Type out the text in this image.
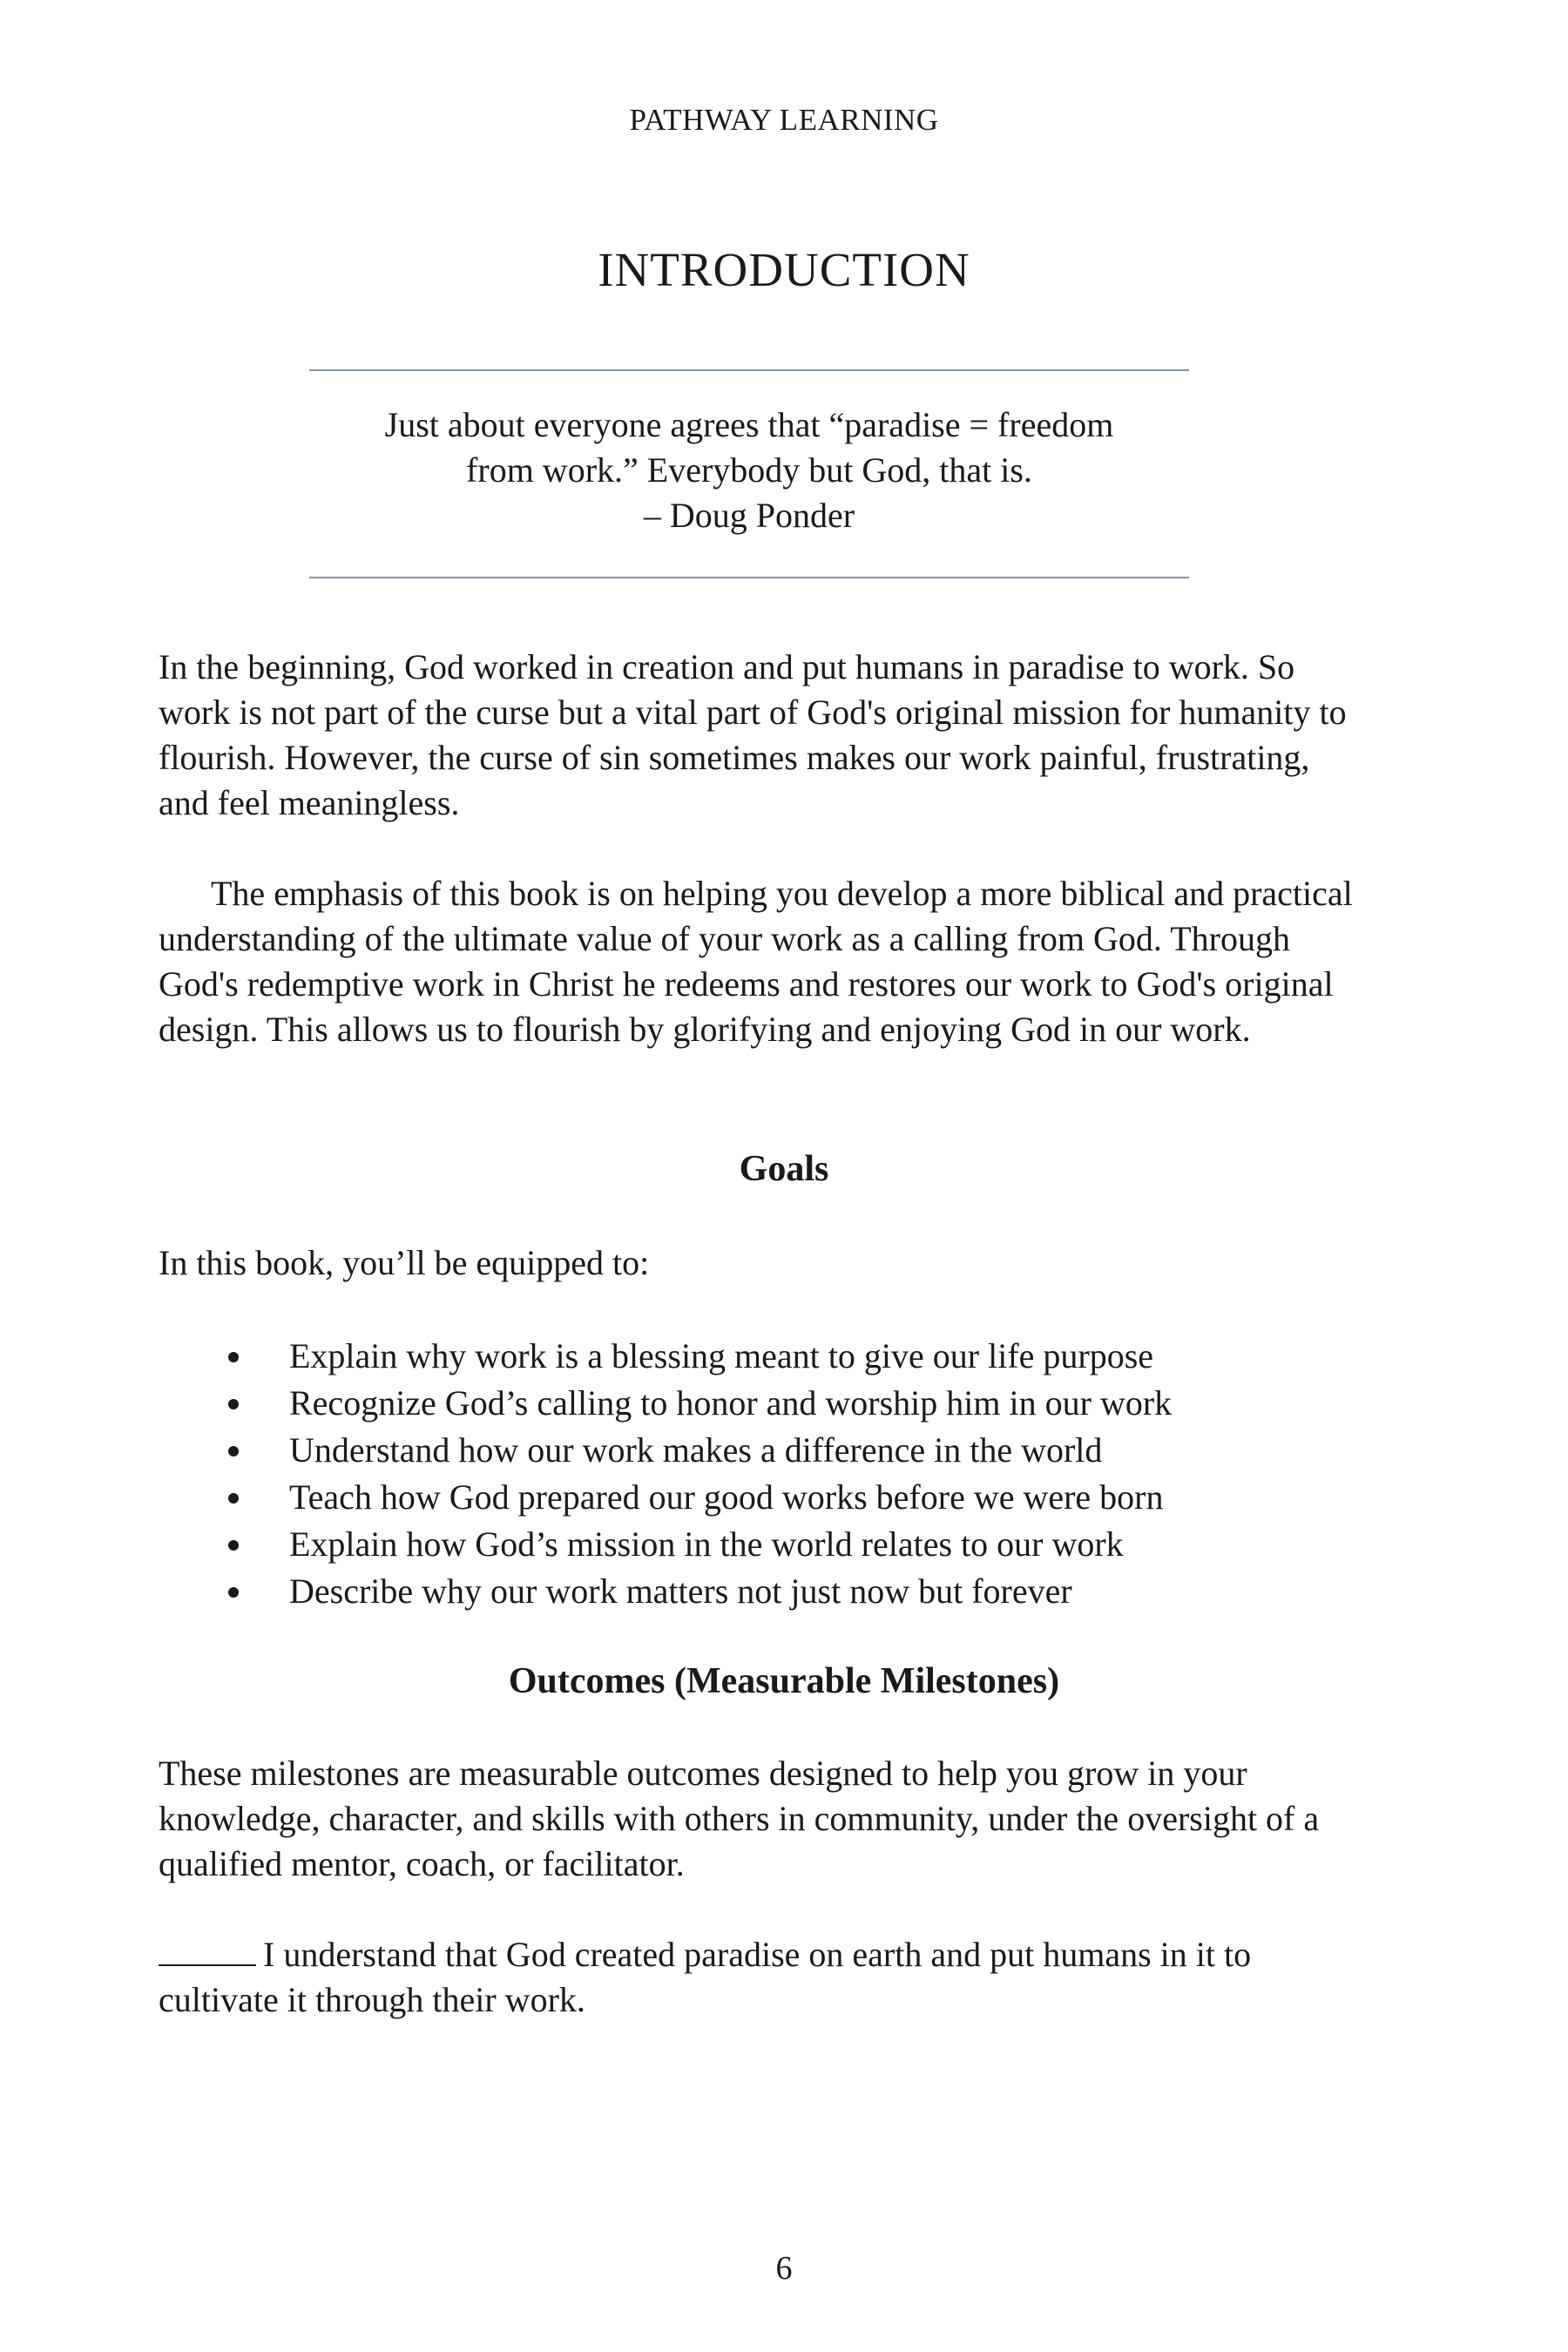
PATHWAY LEARNING
INTRODUCTION
Just about everyone agrees that “paradise = freedom
from work.” Everybody but God, that is.
– Doug Ponder

In the beginning, God worked in creation and put humans in paradise to work. So work is not part of the curse but a vital part of God's original mission for humanity to flourish. However, the curse of sin sometimes makes our work painful, frustrating, and feel meaningless.

The emphasis of this book is on helping you develop a more biblical and practical understanding of the ultimate value of your work as a calling from God. Through God's redemptive work in Christ he redeems and restores our work to God's original design. This allows us to flourish by glorifying and enjoying God in our work.

Goals

In this book, you’ll be equipped to:

Explain why work is a blessing meant to give our life purpose
Recognize God’s calling to honor and worship him in our work
Understand how our work makes a difference in the world
Teach how God prepared our good works before we were born
Explain how God’s mission in the world relates to our work
Describe why our work matters not just now but forever
Outcomes (Measurable Milestones)

These milestones are measurable outcomes designed to help you grow in your knowledge, character, and skills with others in community, under the oversight of a qualified mentor, coach, or facilitator.

I understand that God created paradise on earth and put humans in it to cultivate it through their work.

6
